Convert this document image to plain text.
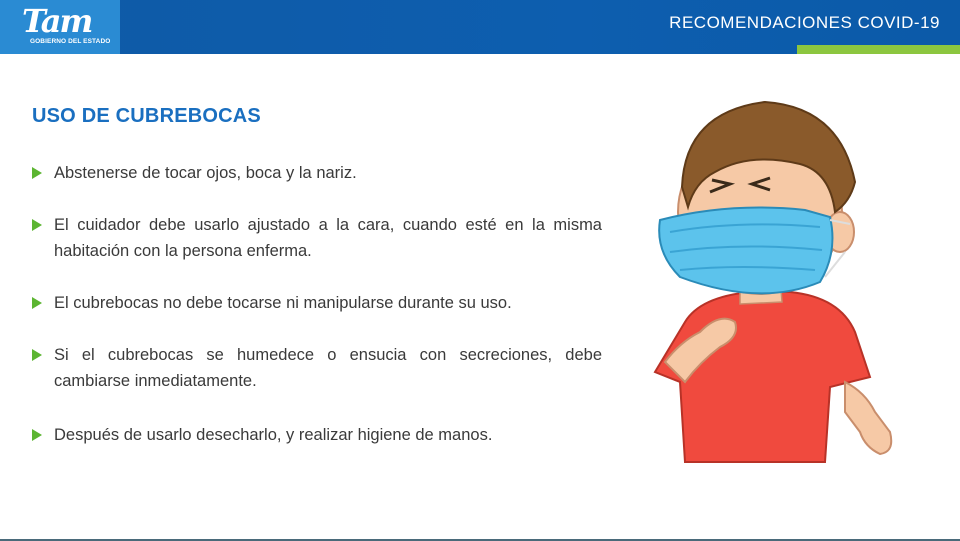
Tam
GOBIERNO DEL ESTADO
RECOMENDACIONES COVID-19
USO DE CUBREBOCAS
Abstenerse de tocar ojos, boca y la nariz.
El cuidador debe usarlo ajustado a la cara, cuando esté en la misma habitación con la persona enferma.
El cubrebocas no debe tocarse ni manipularse durante su uso.
Si el cubrebocas se humedece o ensucia con secreciones, debe cambiarse inmediatamente.
Después de usarlo desecharlo, y realizar higiene de manos.
